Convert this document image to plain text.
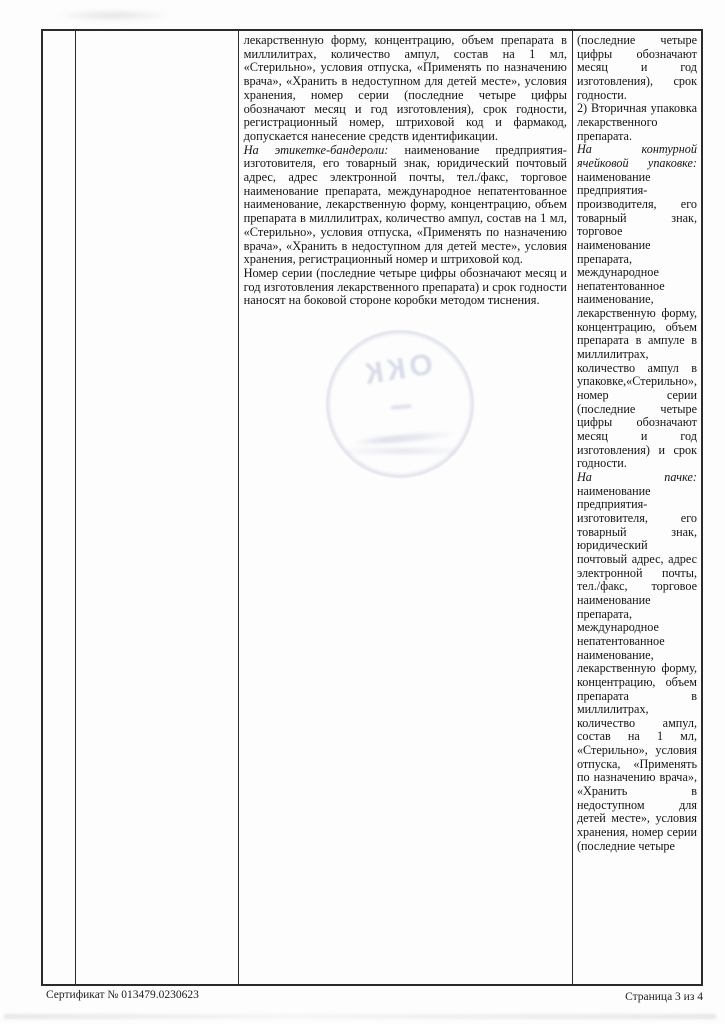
лекарственную форму, концентрацию, объем препарата в миллилитрах, количество ампул, состав на 1 мл, «Стерильно», условия отпуска, «Применять по назначению врача», «Хранить в недоступном для детей месте», условия хранения, номер серии (последние четыре цифры обозначают месяц и год изготовления), срок годности, регистрационный номер, штриховой код и фармакод, допускается нанесение средств идентификации.

На этикетке-бандероли: наименование предприятия-изготовителя, его товарный знак, юридический почтовый адрес, адрес электронной почты, тел./факс, торговое наименование препарата, международное непатентованное наименование, лекарственную форму, концентрацию, объем препарата в миллилитрах, количество ампул, состав на 1 мл, «Стерильно», условия отпуска, «Применять по назначению врача», «Хранить в недоступном для детей месте», условия хранения, регистрационный номер и штриховой код.

Номер серии (последние четыре цифры обозначают месяц и год изготовления лекарственного препарата) и срок годности наносят на боковой стороне коробки методом тиснения.

(последние четыре цифры обозначают месяц и год изготовления), срок годности.

2) Вторичная упаковка лекарственного препарата.

На контурной ячейковой упаковке: наименование предприятия-производителя, его товарный знак, торговое наименование препарата, международное непатентованное наименование, лекарственную форму, концентрацию, объем препарата в ампуле в миллилитрах, количество ампул в упаковке,«Стерильно», номер серии (последние четыре цифры обозначают месяц и год изготовления) и срок годности.

На пачке: наименование предприятия-изготовителя, его товарный знак, юридический почтовый адрес, адрес электронной почты, тел./факс, торговое наименование препарата, международное непатентованное наименование, лекарственную форму, концентрацию, объем препарата в миллилитрах, количество ампул, состав на 1 мл, «Стерильно», условия отпуска, «Применять по назначению врача», «Хранить в недоступном для детей месте», условия хранения, номер серии (последние четыре

ОКК
Сертификат № 013479.0230623	Страница 3 из 4
